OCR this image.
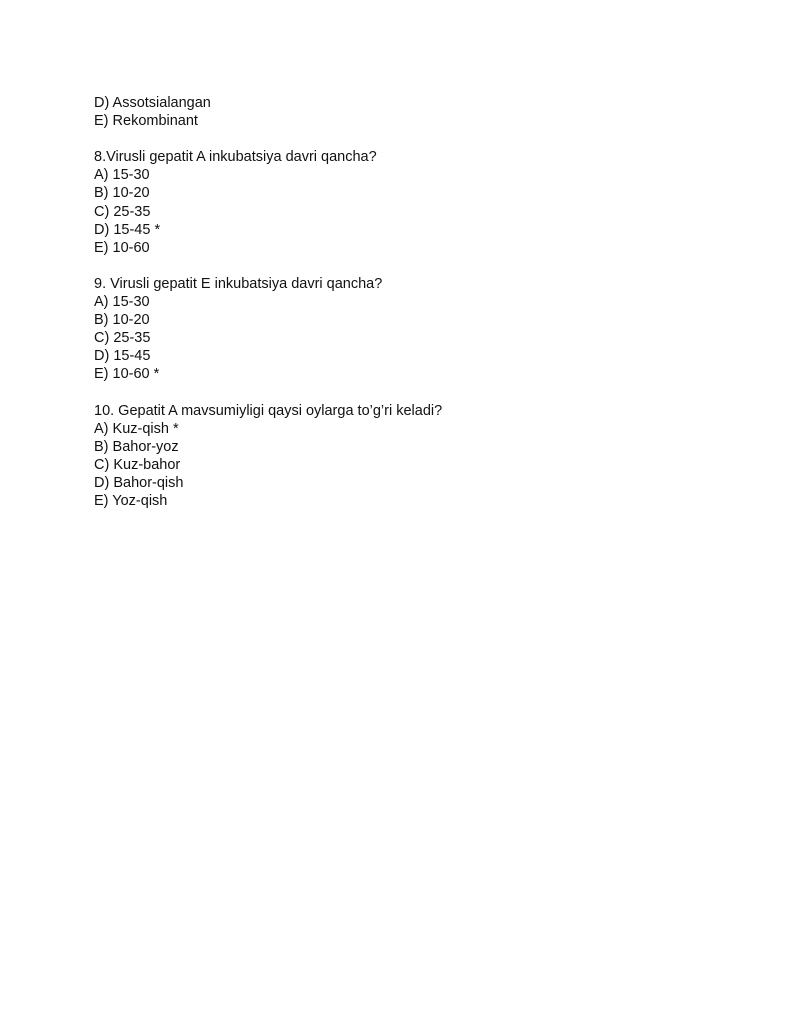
D) Assotsialangan
E) Rekombinant
8.Virusli gepatit A inkubatsiya davri qancha?
A) 15-30
B) 10-20
C) 25-35
D) 15-45 *
E) 10-60
9. Virusli gepatit E inkubatsiya davri qancha?
A) 15-30
B) 10-20
C) 25-35
D) 15-45
E) 10-60 *
10. Gepatit A mavsumiyligi qaysi oylarga to’g’ri keladi?
A) Kuz-qish *
B) Bahor-yoz
C) Kuz-bahor
D) Bahor-qish
E) Yoz-qish
